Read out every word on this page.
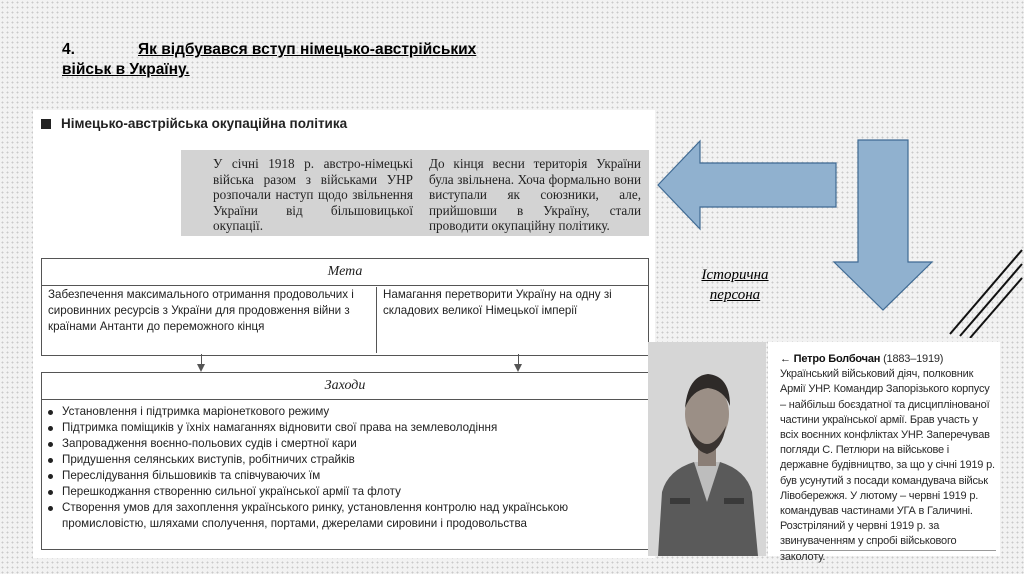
4.	Як відбувався вступ німецько-австрійських
військ в Україну.
Німецько-австрійська окупаційна політика
У січні 1918 р. австро-німецькі війська разом з військами УНР розпочали наступ щодо звільнення України від більшовицької окупації.
До кінця весни територія України була звільнена. Хоча формально вони виступали як союзники, але, прийшовши в Україну, стали проводити окупаційну політику.
Мета
Забезпечення максимального отримання продовольчих і сировинних ресурсів з України для продовження війни з країнами Антанти до переможного кінця
Намагання перетворити Україну на одну зі складових великої Німецької імперії
Заходи
Установлення і підтримка маріонеткового режиму
Підтримка поміщиків у їхніх намаганнях відновити свої права на землеволодіння
Запровадження воєнно-польових судів і смертної кари
Придушення селянських виступів, робітничих страйків
Переслідування більшовиків та співчуваючих їм
Перешкоджання створенню сильної української армії та флоту
Створення умов для захоплення українського ринку, установлення контролю над українською промисловістю, шляхами сполучення, портами, джерелами сировини і продовольства
Історична
персона
← Петро Болбочан (1883–1919) Український військовий діяч, полковник Армії УНР. Командир Запорізького корпусу – найбільш боєздатної та дисциплінованої частини української армії. Брав участь у всіх воєнних конфліктах УНР. Заперечував погляди С. Петлюри на військове і державне будівництво, за що у січні 1919 р. був усунутий з посади командувача військ Лівобережжя. У лютому – червні 1919 р. командував частинами УГА в Галичині. Розстріляний у червні 1919 р. за звинуваченням у спробі військового заколоту.
